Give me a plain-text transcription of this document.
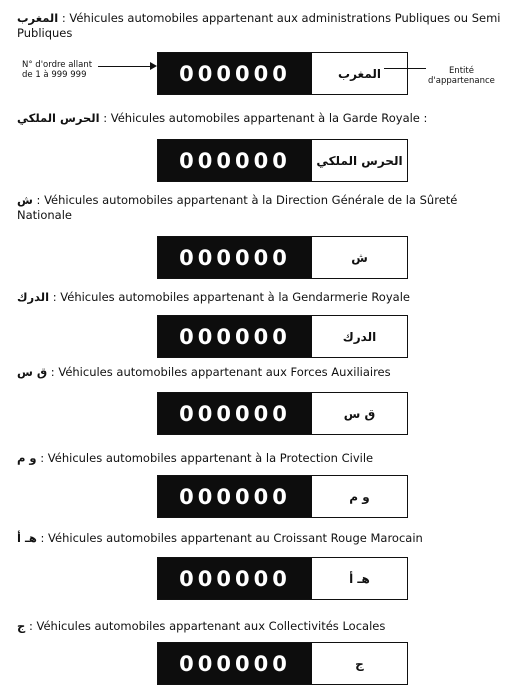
المغرب : Véhicules automobiles appartenant aux administrations Publiques ou Semi Publiques
N° d'ordre allant
de 1 à 999 999	000000	المغرب	Entité
d'appartenance
الحرس الملكي : Véhicules automobiles appartenant à la Garde Royale :
000000	الحرس الملكي
ش : Véhicules automobiles appartenant à la Direction Générale de la Sûreté Nationale
000000	ش
الدرك : Véhicules automobiles appartenant à la Gendarmerie Royale
000000	الدرك
ق س : Véhicules automobiles appartenant aux Forces Auxiliaires
000000	ق س
و م : Véhicules automobiles appartenant à la Protection Civile
000000	و م
هـ أ : Véhicules automobiles appartenant au Croissant Rouge Marocain
000000	هـ أ
ج : Véhicules automobiles appartenant aux Collectivités Locales
000000	ج
